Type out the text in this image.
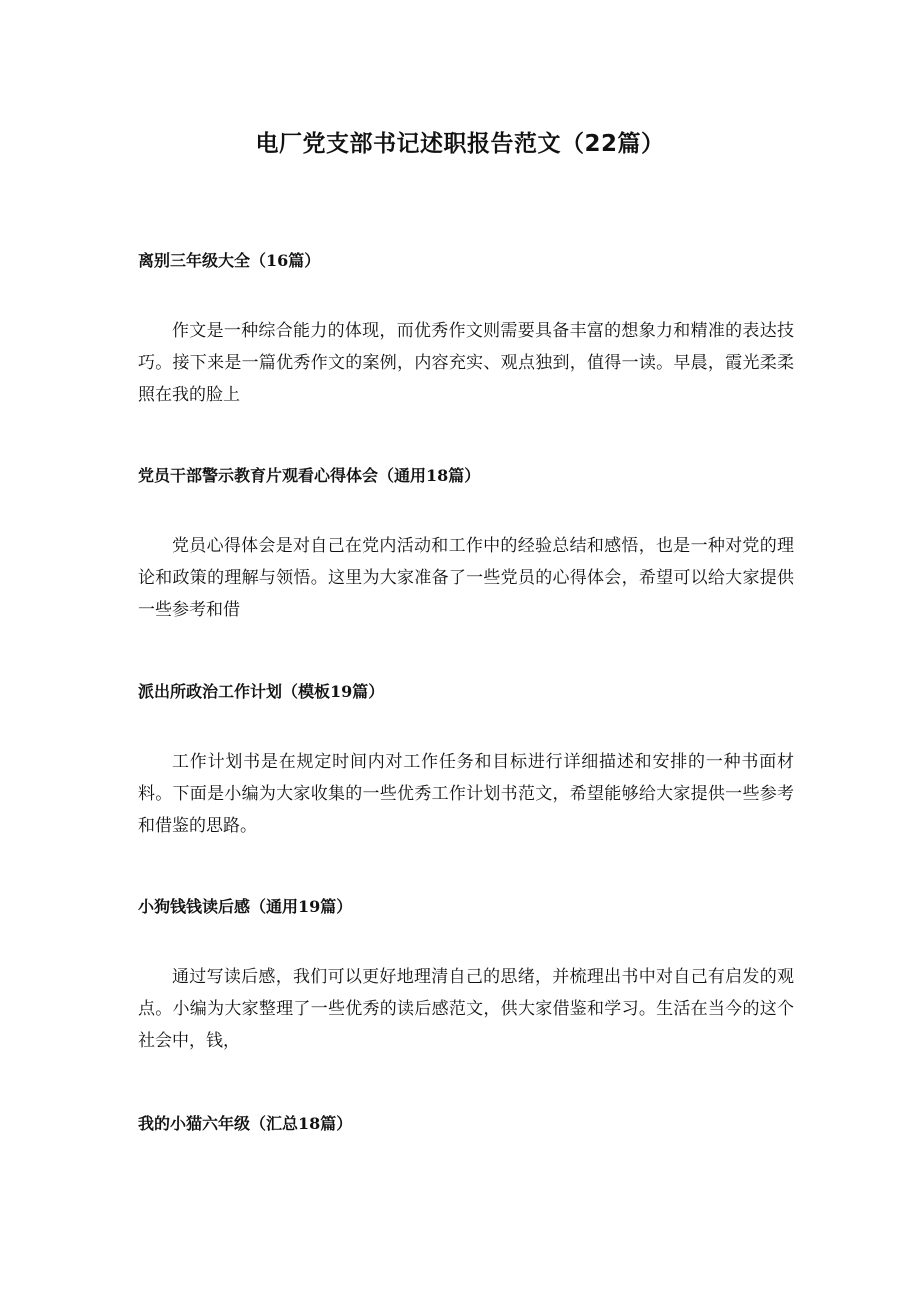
电厂党支部书记述职报告范文（22篇）
离别三年级大全（16篇）

作文是一种综合能力的体现，而优秀作文则需要具备丰富的想象力和精准的表达技巧。接下来是一篇优秀作文的案例，内容充实、观点独到，值得一读。早晨，霞光柔柔照在我的脸上

党员干部警示教育片观看心得体会（通用18篇）

党员心得体会是对自己在党内活动和工作中的经验总结和感悟，也是一种对党的理论和政策的理解与领悟。这里为大家准备了一些党员的心得体会，希望可以给大家提供一些参考和借

派出所政治工作计划（模板19篇）

工作计划书是在规定时间内对工作任务和目标进行详细描述和安排的一种书面材料。下面是小编为大家收集的一些优秀工作计划书范文，希望能够给大家提供一些参考和借鉴的思路。

小狗钱钱读后感（通用19篇）

通过写读后感，我们可以更好地理清自己的思绪，并梳理出书中对自己有启发的观点。小编为大家整理了一些优秀的读后感范文，供大家借鉴和学习。生活在当今的这个社会中，钱，

我的小猫六年级（汇总18篇）
